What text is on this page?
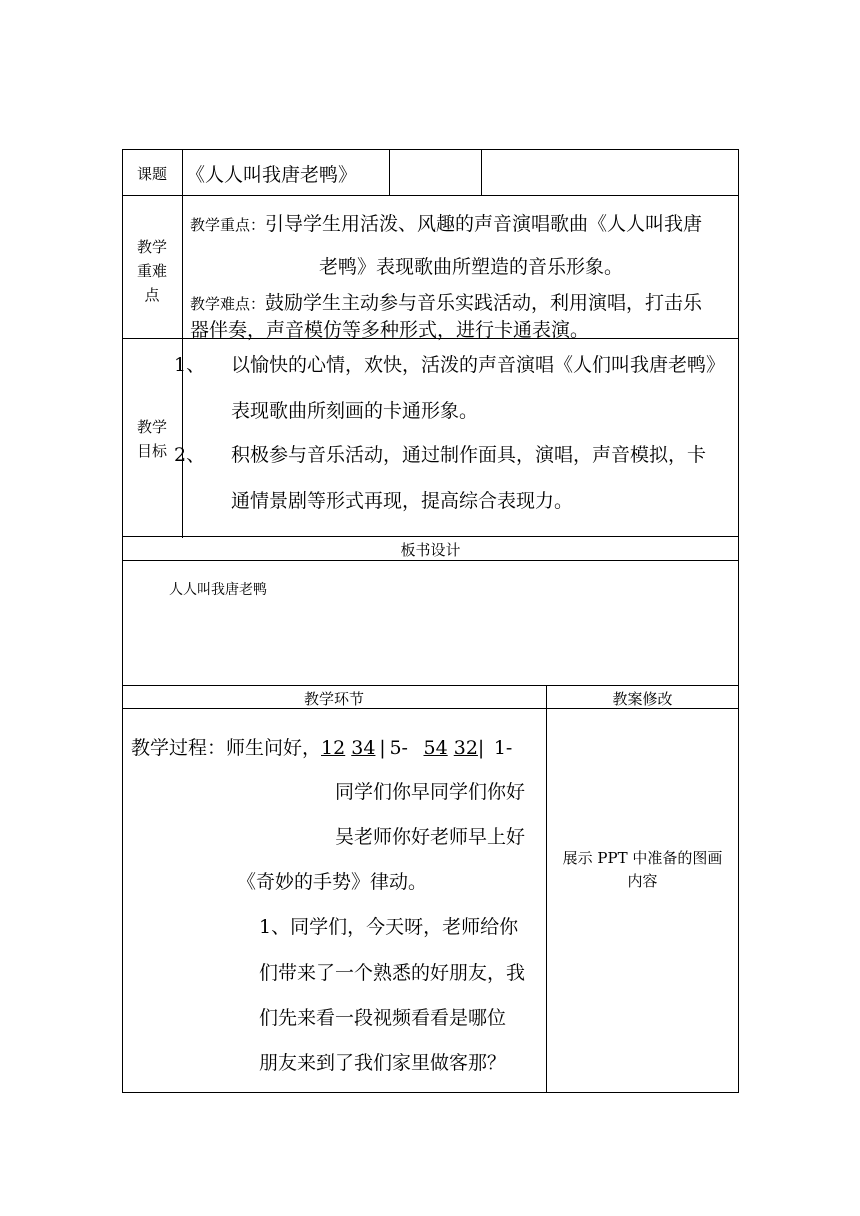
课题	《人人叫我唐老鸭》
教学
重难
点
教学重点：引导学生用活泼、风趣的声音演唱歌曲《人人叫我唐
老鸭》表现歌曲所塑造的音乐形象。
教学难点：鼓励学生主动参与音乐实践活动，利用演唱，打击乐
器伴奏，声音模仿等多种形式，进行卡通表演。
教学
目标
1、 以愉快的心情，欢快，活泼的声音演唱《人们叫我唐老鸭》
表现歌曲所刻画的卡通形象。
2、 积极参与音乐活动，通过制作面具，演唱，声音模拟，卡
通情景剧等形式再现，提高综合表现力。
板书设计
人人叫我唐老鸭
教学环节	教案修改
教学过程：师生问好，12 34 | 5-  54 32| 1-
同学们你早同学们你好
吴老师你好老师早上好
《奇妙的手势》律动。
1、同学们，今天呀，老师给你
们带来了一个熟悉的好朋友，我
们先来看一段视频看看是哪位
朋友来到了我们家里做客那？
展示 PPT 中准备的图画
内容
